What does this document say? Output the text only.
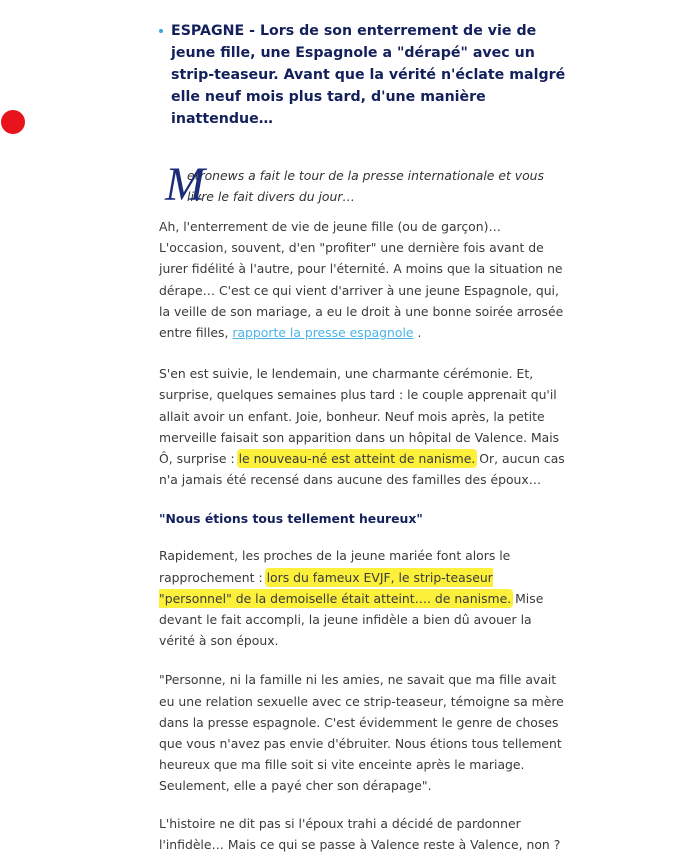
ESPAGNE - Lors de son enterrement de vie de jeune fille, une Espagnole a "dérapé" avec un strip-teaseur. Avant que la vérité n'éclate malgré elle neuf mois plus tard, d'une manière inattendue…
M
etronews a fait le tour de la presse internationale et vous livre le fait divers du jour…

Ah, l'enterrement de vie de jeune fille (ou de garçon)… L'occasion, souvent, d'en "profiter" une dernière fois avant de jurer fidélité à l'autre, pour l'éternité. A moins que la situation ne dérape… C'est ce qui vient d'arriver à une jeune Espagnole, qui, la veille de son mariage, a eu le droit à une bonne soirée arrosée entre filles, rapporte la presse espagnole .

S'en est suivie, le lendemain, une charmante cérémonie. Et, surprise, quelques semaines plus tard : le couple apprenait qu'il allait avoir un enfant. Joie, bonheur. Neuf mois après, la petite merveille faisait son apparition dans un hôpital de Valence. Mais Ô, surprise : le nouveau-né est atteint de nanisme. Or, aucun cas n'a jamais été recensé dans aucune des familles des époux…

"Nous étions tous tellement heureux"

Rapidement, les proches de la jeune mariée font alors le rapprochement : lors du fameux EVJF, le strip-teaseur "personnel" de la demoiselle était atteint…. de nanisme. Mise devant le fait accompli, la jeune infidèle a bien dû avouer la vérité à son époux.

"Personne, ni la famille ni les amies, ne savait que ma fille avait eu une relation sexuelle avec ce strip-teaseur, témoigne sa mère dans la presse espagnole. C'est évidemment le genre de choses que vous n'avez pas envie d'ébruiter. Nous étions tous tellement heureux que ma fille soit si vite enceinte après le mariage. Seulement, elle a payé cher son dérapage".

L'histoire ne dit pas si l'époux trahi a décidé de pardonner l'infidèle… Mais ce qui se passe à Valence reste à Valence, non ?
